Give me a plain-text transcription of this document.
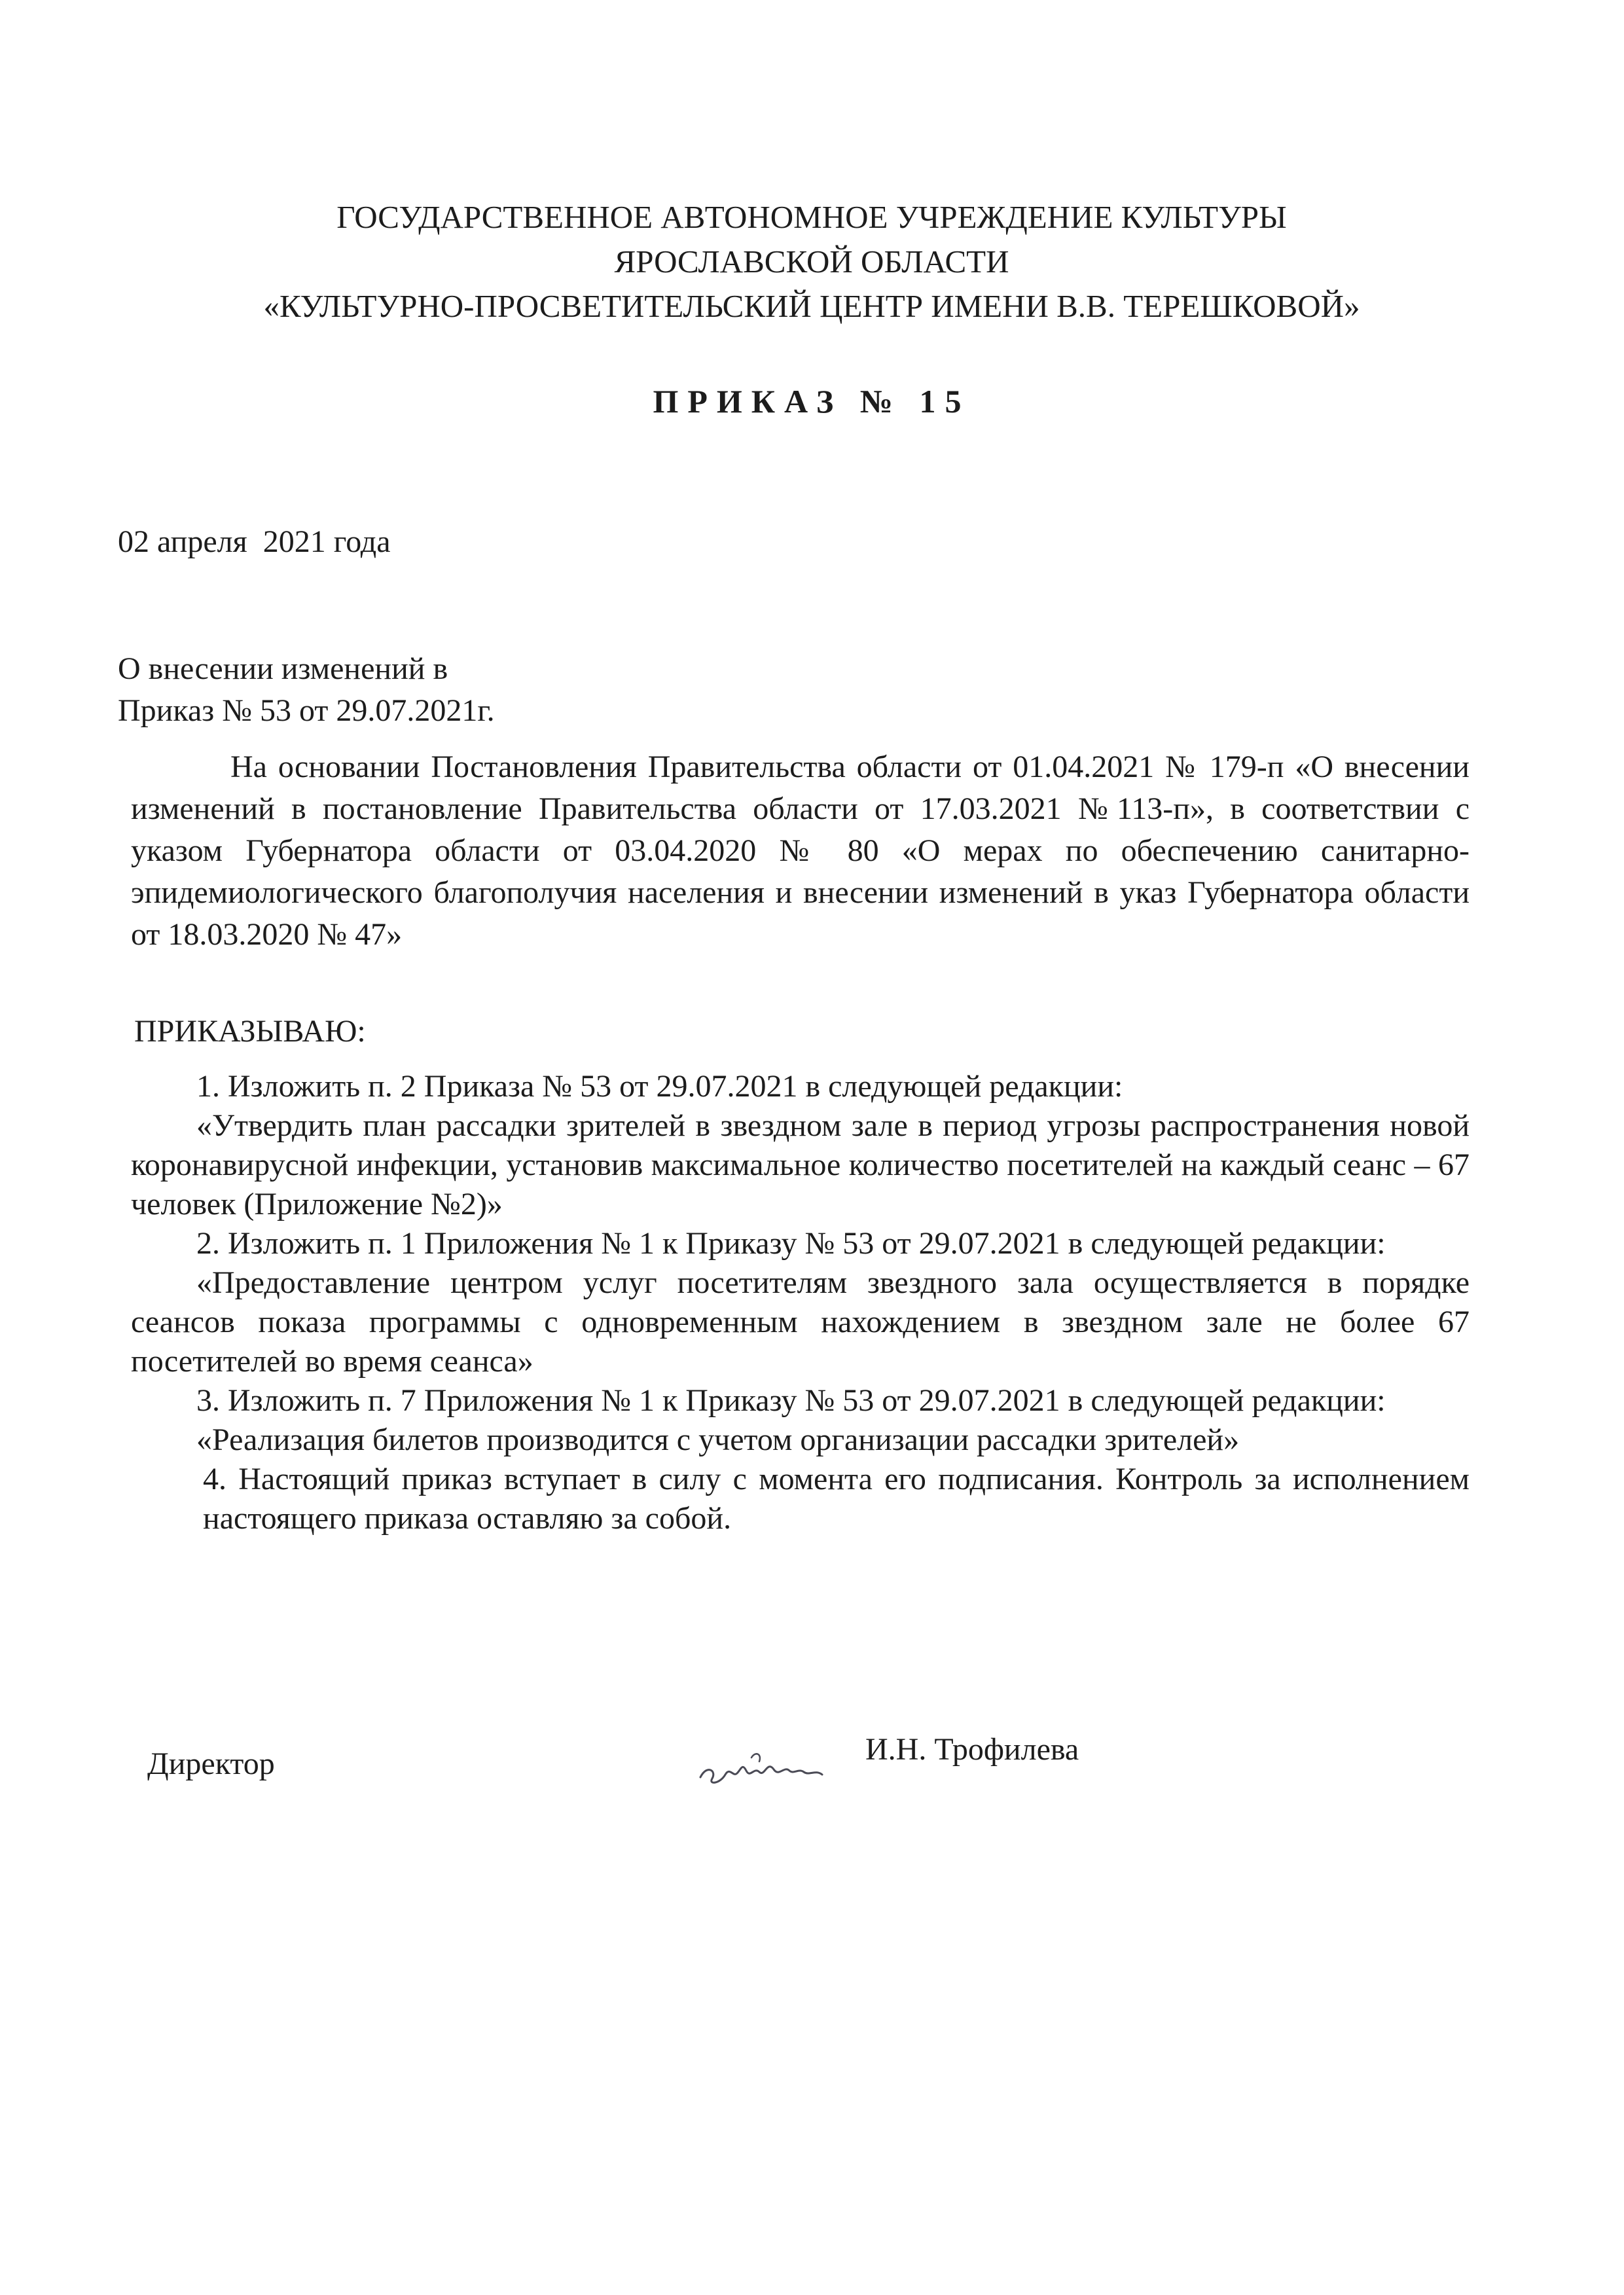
ГОСУДАРСТВЕННОЕ АВТОНОМНОЕ УЧРЕЖДЕНИЕ КУЛЬТУРЫ
ЯРОСЛАВСКОЙ ОБЛАСТИ
«КУЛЬТУРНО-ПРОСВЕТИТЕЛЬСКИЙ ЦЕНТР ИМЕНИ В.В. ТЕРЕШКОВОЙ»
ПРИКАЗ № 15
02 апреля  2021 года
О внесении изменений в
Приказ № 53 от 29.07.2021г.
На основании Постановления Правительства области от 01.04.2021 № 179-п «О внесении изменений в постановление Правительства области от 17.03.2021 №113-п», в соответствии с указом Губернатора области от 03.04.2020 № 80 «О мерах по обеспечению санитарно-эпидемиологического благополучия населения и внесении изменений в указ Губернатора области от 18.03.2020 № 47»
ПРИКАЗЫВАЮ:

1. Изложить п. 2 Приказа № 53 от 29.07.2021 в следующей редакции:

«Утвердить план рассадки зрителей в звездном зале в период угрозы распространения новой коронавирусной инфекции, установив максимальное количество посетителей на каждый сеанс – 67 человек (Приложение №2)»

2. Изложить п. 1 Приложения № 1 к Приказу № 53 от 29.07.2021 в следующей редакции:

«Предоставление центром услуг посетителям звездного зала осуществляется в порядке сеансов показа программы с одновременным нахождением в звездном зале не более 67 посетителей во время сеанса»

3. Изложить п. 7 Приложения № 1 к Приказу № 53 от 29.07.2021 в следующей редакции:

«Реализация билетов производится с учетом организации рассадки зрителей»

4. Настоящий приказ вступает в силу с момента его подписания. Контроль за исполнением настоящего приказа оставляю за собой.

Директор	И.Н. Трофилева
